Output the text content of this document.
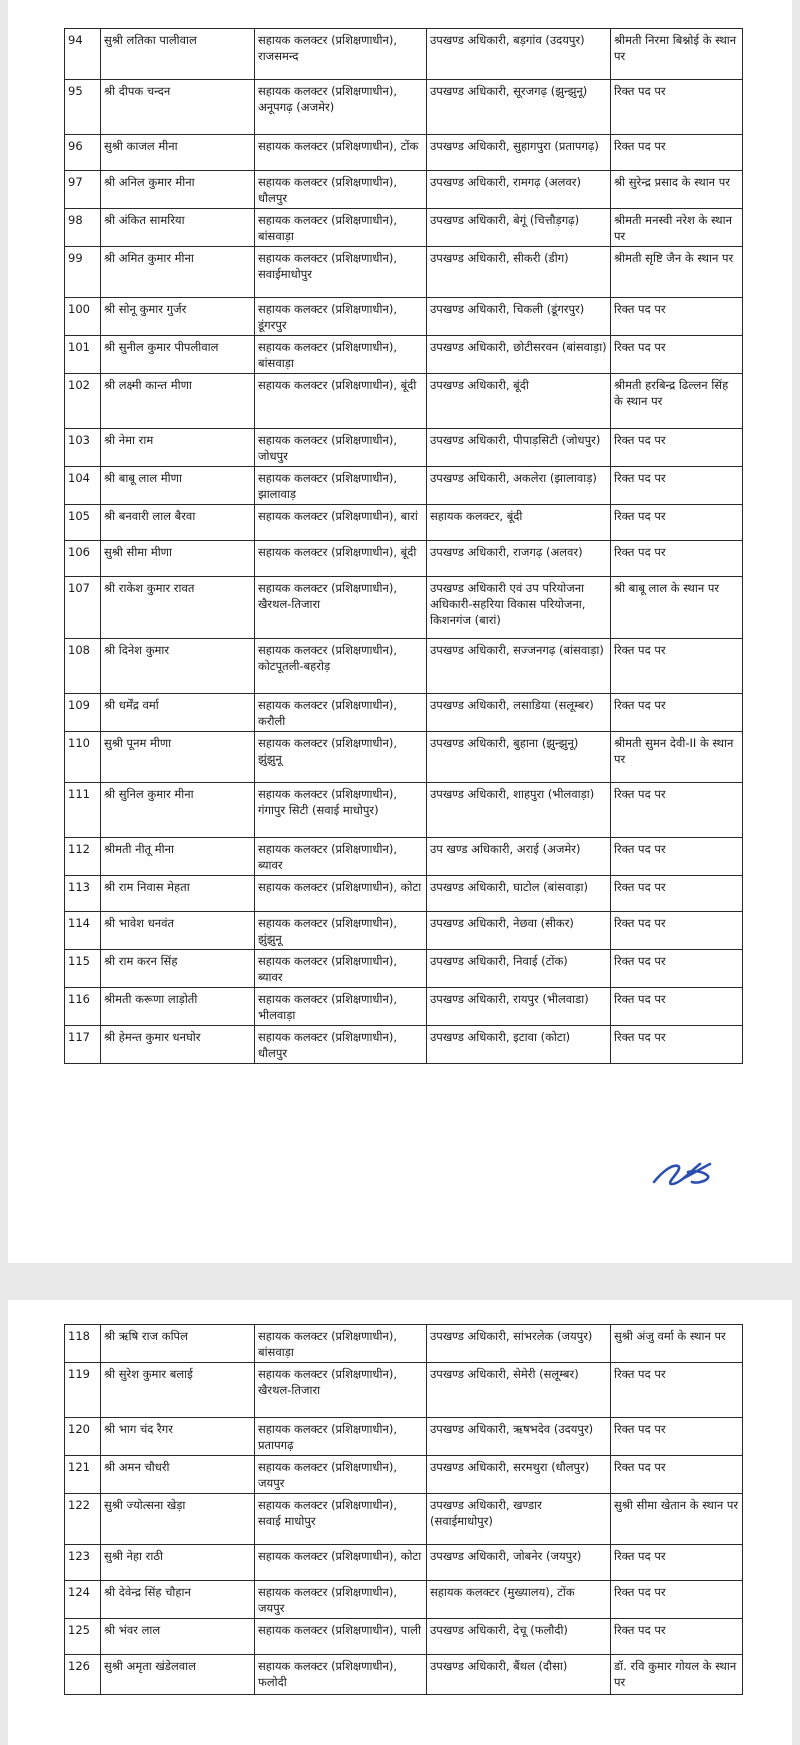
94	सुश्री लतिका पालीवाल	सहायक कलक्टर (प्रशिक्षणाधीन), राजसमन्द	उपखण्ड अधिकारी, बड़गांव (उदयपुर)	श्रीमती निरमा बिश्नोई के स्थान पर
95	श्री दीपक चन्दन	सहायक कलक्टर (प्रशिक्षणाधीन), अनूपगढ़ (अजमेर)	उपखण्ड अधिकारी, सूरजगढ़ (झुन्झुनू)	रिक्त पद पर
96	सुश्री काजल मीना	सहायक कलक्टर (प्रशिक्षणाधीन), टोंक	उपखण्ड अधिकारी, सुहागपुरा (प्रतापगढ़)	रिक्त पद पर
97	श्री अनिल कुमार मीना	सहायक कलक्टर (प्रशिक्षणाधीन), धौलपुर	उपखण्ड अधिकारी, रामगढ़ (अलवर)	श्री सुरेन्द्र प्रसाद के स्थान पर
98	श्री अंकित सामरिया	सहायक कलक्टर (प्रशिक्षणाधीन), बांसवाड़ा	उपखण्ड अधिकारी, बेगूं (चित्तौड़गढ़)	श्रीमती मनस्वी नरेश के स्थान पर
99	श्री अमित कुमार मीना	सहायक कलक्टर (प्रशिक्षणाधीन), सवाईमाधोपुर	उपखण्ड अधिकारी, सीकरी (डीग)	श्रीमती सृष्टि जैन के स्थान पर
100	श्री सोनू कुमार गुर्जर	सहायक कलक्टर (प्रशिक्षणाधीन), डूंगरपुर	उपखण्ड अधिकारी, चिकली (डूंगरपुर)	रिक्त पद पर
101	श्री सुनील कुमार पीपलीवाल	सहायक कलक्टर (प्रशिक्षणाधीन), बांसवाड़ा	उपखण्ड अधिकारी, छोटीसरवन (बांसवाड़ा)	रिक्त पद पर
102	श्री लक्ष्मी कान्त मीणा	सहायक कलक्टर (प्रशिक्षणाधीन), बूंदी	उपखण्ड अधिकारी, बूंदी	श्रीमती हरबिन्द्र ढिल्लन सिंह के स्थान पर
103	श्री नेमा राम	सहायक कलक्टर (प्रशिक्षणाधीन), जोधपुर	उपखण्ड अधिकारी, पीपाड़सिटी (जोधपुर)	रिक्त पद पर
104	श्री बाबू लाल मीणा	सहायक कलक्टर (प्रशिक्षणाधीन), झालावाड़	उपखण्ड अधिकारी, अकलेरा (झालावाड़)	रिक्त पद पर
105	श्री बनवारी लाल बैरवा	सहायक कलक्टर (प्रशिक्षणाधीन), बारां	सहायक कलक्टर, बूंदी	रिक्त पद पर
106	सुश्री सीमा मीणा	सहायक कलक्टर (प्रशिक्षणाधीन), बूंदी	उपखण्ड अधिकारी, राजगढ़ (अलवर)	रिक्त पद पर
107	श्री राकेश कुमार रावत	सहायक कलक्टर (प्रशिक्षणाधीन), खैरथल-तिजारा	उपखण्ड अधिकारी एवं उप परियोजना अधिकारी-सहरिया विकास परियोजना, किशनगंज (बारां)	श्री बाबू लाल के स्थान पर
108	श्री दिनेश कुमार	सहायक कलक्टर (प्रशिक्षणाधीन), कोटपूतली-बहरोड़	उपखण्ड अधिकारी, सज्जनगढ़ (बांसवाड़ा)	रिक्त पद पर
109	श्री धर्मेंद्र वर्मा	सहायक कलक्टर (प्रशिक्षणाधीन), करौली	उपखण्ड अधिकारी, लसाडिया (सलूम्बर)	रिक्त पद पर
110	सुश्री पूनम मीणा	सहायक कलक्टर (प्रशिक्षणाधीन), झुंझुनू	उपखण्ड अधिकारी, बुहाना (झुन्झुनू)	श्रीमती सुमन देवी-II के स्थान पर
111	श्री सुनिल कुमार मीना	सहायक कलक्टर (प्रशिक्षणाधीन), गंगापुर सिटी (सवाई माधोपुर)	उपखण्ड अधिकारी, शाहपुरा (भीलवाड़ा)	रिक्त पद पर
112	श्रीमती नीतू मीना	सहायक कलक्टर (प्रशिक्षणाधीन), ब्यावर	उप खण्ड अधिकारी, अराई (अजमेर)	रिक्त पद पर
113	श्री राम निवास मेहता	सहायक कलक्टर (प्रशिक्षणाधीन), कोटा	उपखण्ड अधिकारी, घाटोल (बांसवाड़ा)	रिक्त पद पर
114	श्री भावेश धनवंत	सहायक कलक्टर (प्रशिक्षणाधीन), झुंझुनू	उपखण्ड अधिकारी, नेछवा (सीकर)	रिक्त पद पर
115	श्री राम करन सिंह	सहायक कलक्टर (प्रशिक्षणाधीन), ब्यावर	उपखण्ड अधिकारी, निवाई (टोंक)	रिक्त पद पर
116	श्रीमती करूणा लाड़ोती	सहायक कलक्टर (प्रशिक्षणाधीन), भीलवाड़ा	उपखण्ड अधिकारी, रायपुर (भीलवाडा)	रिक्त पद पर
117	श्री हेमन्त कुमार धनघोर	सहायक कलक्टर (प्रशिक्षणाधीन), धौलपुर	उपखण्ड अधिकारी, इटावा (कोटा)	रिक्त पद पर
118	श्री ऋषि राज कपिल	सहायक कलक्टर (प्रशिक्षणाधीन), बांसवाड़ा	उपखण्ड अधिकारी, सांभरलेक (जयपुर)	सुश्री अंजु वर्मा के स्थान पर
119	श्री सुरेश कुमार बलाई	सहायक कलक्टर (प्रशिक्षणाधीन), खैरथल-तिजारा	उपखण्ड अधिकारी, सेमेरी (सलूम्बर)	रिक्त पद पर
120	श्री भाग चंद रैगर	सहायक कलक्टर (प्रशिक्षणाधीन), प्रतापगढ़	उपखण्ड अधिकारी, ऋषभदेव (उदयपुर)	रिक्त पद पर
121	श्री अमन चौधरी	सहायक कलक्टर (प्रशिक्षणाधीन), जयपुर	उपखण्ड अधिकारी, सरमथुरा (धौलपुर)	रिक्त पद पर
122	सुश्री ज्योत्सना खेड़ा	सहायक कलक्टर (प्रशिक्षणाधीन), सवाई माधोपुर	उपखण्ड अधिकारी, खण्डार (सवाईमाधोपुर)	सुश्री सीमा खेतान के स्थान पर
123	सुश्री नेहा राठी	सहायक कलक्टर (प्रशिक्षणाधीन), कोटा	उपखण्ड अधिकारी, जोबनेर (जयपुर)	रिक्त पद पर
124	श्री देवेन्द्र सिंह चौहान	सहायक कलक्टर (प्रशिक्षणाधीन), जयपुर	सहायक कलक्टर (मुख्यालय), टोंक	रिक्त पद पर
125	श्री भंवर लाल	सहायक कलक्टर (प्रशिक्षणाधीन), पाली	उपखण्ड अधिकारी, देचू (फलौदी)	रिक्त पद पर
126	सुश्री अमृता खंडेलवाल	सहायक कलक्टर (प्रशिक्षणाधीन), फलोदी	उपखण्ड अधिकारी, बैंथल (दौसा)	डॉ. रवि कुमार गोयल के स्थान पर
